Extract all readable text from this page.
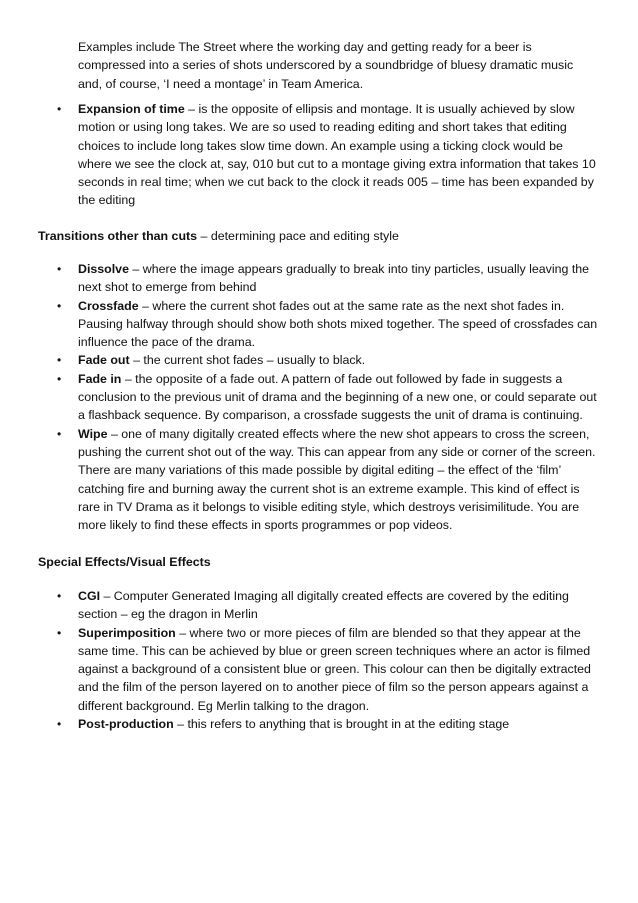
Examples include The Street where the working day and getting ready for a beer is compressed into a series of shots underscored by a soundbridge of bluesy dramatic music and, of course, ‘I need a montage’ in Team America.

• Expansion of time – is the opposite of ellipsis and montage. It is usually achieved by slow motion or using long takes. We are so used to reading editing and short takes that editing choices to include long takes slow time down. An example using a ticking clock would be where we see the clock at, say, 010 but cut to a montage giving extra information that takes 10 seconds in real time; when we cut back to the clock it reads 005 – time has been expanded by the editing

Transitions other than cuts – determining pace and editing style

• Dissolve – where the image appears gradually to break into tiny particles, usually leaving the next shot to emerge from behind
• Crossfade – where the current shot fades out at the same rate as the next shot fades in. Pausing halfway through should show both shots mixed together. The speed of crossfades can influence the pace of the drama.
• Fade out – the current shot fades – usually to black.
• Fade in – the opposite of a fade out. A pattern of fade out followed by fade in suggests a conclusion to the previous unit of drama and the beginning of a new one, or could separate out a flashback sequence. By comparison, a crossfade suggests the unit of drama is continuing.
• Wipe – one of many digitally created effects where the new shot appears to cross the screen, pushing the current shot out of the way. This can appear from any side or corner of the screen. There are many variations of this made possible by digital editing – the effect of the ‘film’ catching fire and burning away the current shot is an extreme example. This kind of effect is rare in TV Drama as it belongs to visible editing style, which destroys verisimilitude. You are more likely to find these effects in sports programmes or pop videos.

Special Effects/Visual Effects

• CGI – Computer Generated Imaging all digitally created effects are covered by the editing section – eg the dragon in Merlin
• Superimposition – where two or more pieces of film are blended so that they appear at the same time. This can be achieved by blue or green screen techniques where an actor is filmed against a background of a consistent blue or green. This colour can then be digitally extracted and the film of the person layered on to another piece of film so the person appears against a different background. Eg Merlin talking to the dragon.
• Post-production – this refers to anything that is brought in at the editing stage
